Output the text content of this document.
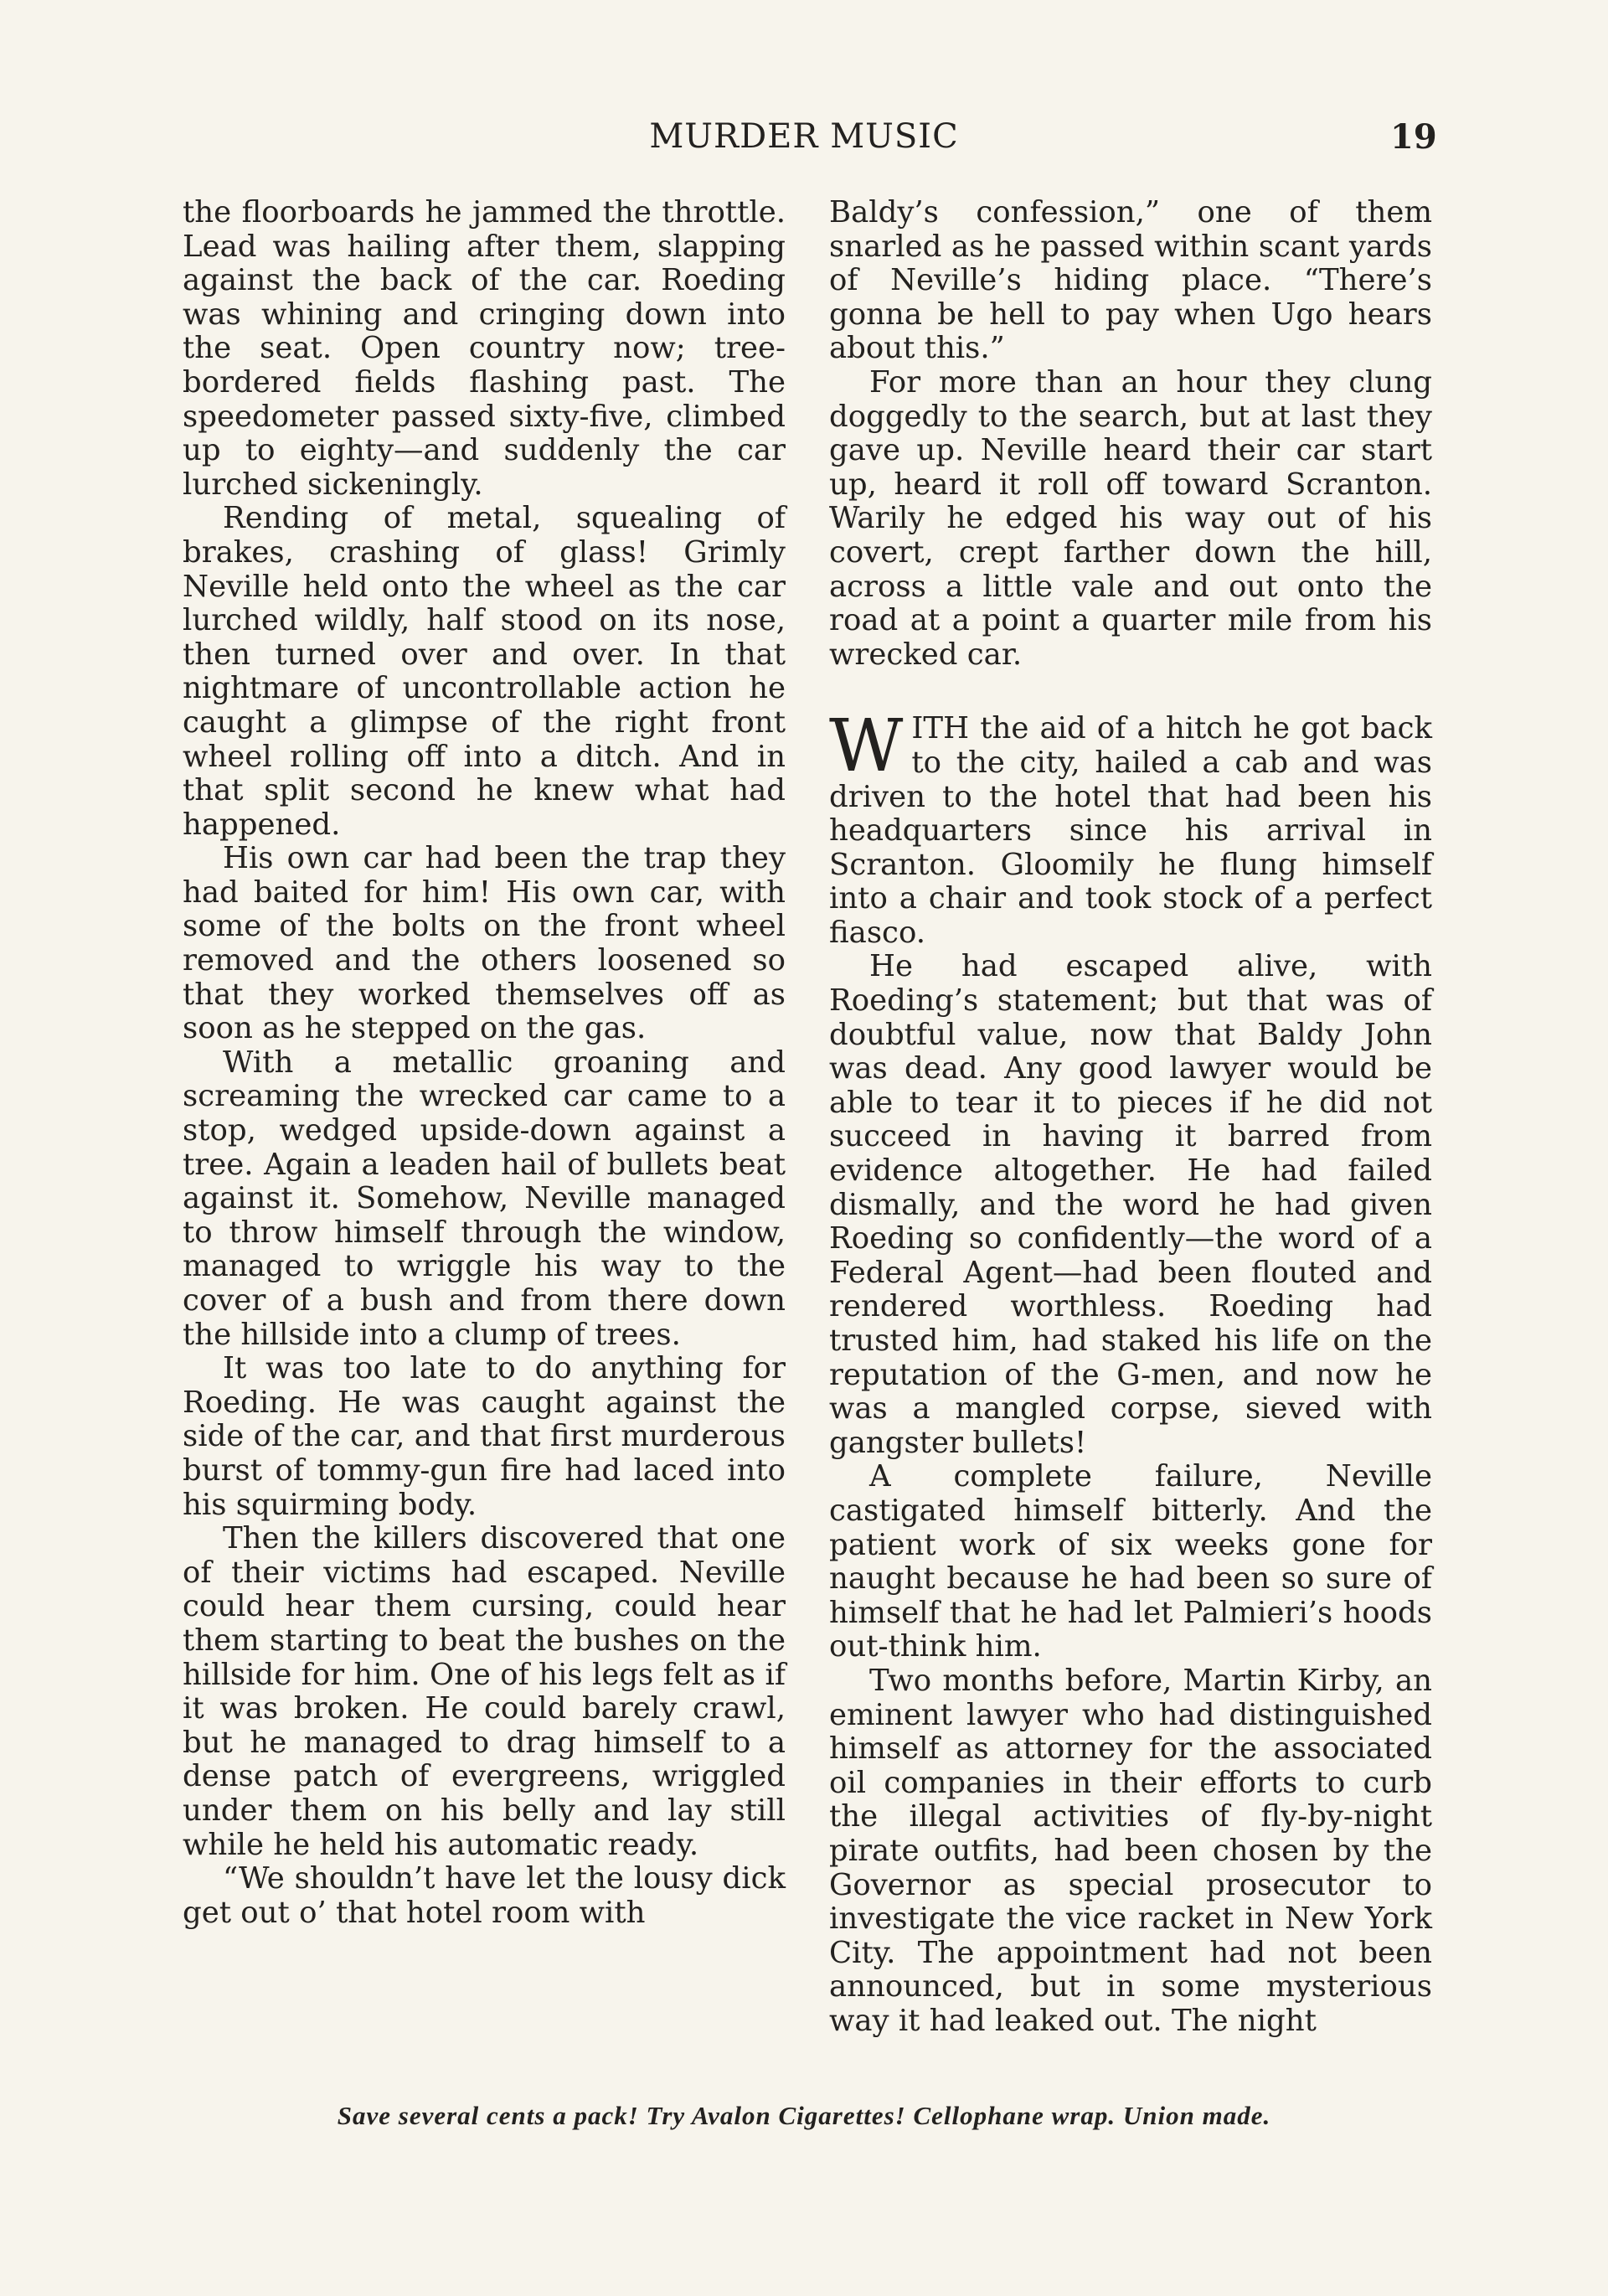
MURDER MUSIC	19

the floorboards he jammed the throttle. Lead was hailing after them, slapping against the back of the car. Roeding was whining and cringing down into the seat. Open country now; tree-bordered fields flashing past. The speedometer passed sixty-five, climbed up to eighty—and suddenly the car lurched sickeningly.

Rending of metal, squealing of brakes, crashing of glass! Grimly Neville held onto the wheel as the car lurched wildly, half stood on its nose, then turned over and over. In that nightmare of uncontrollable action he caught a glimpse of the right front wheel rolling off into a ditch. And in that split second he knew what had happened.

His own car had been the trap they had baited for him! His own car, with some of the bolts on the front wheel removed and the others loosened so that they worked themselves off as soon as he stepped on the gas.

With a metallic groaning and screaming the wrecked car came to a stop, wedged upside-down against a tree. Again a leaden hail of bullets beat against it. Somehow, Neville managed to throw himself through the window, managed to wriggle his way to the cover of a bush and from there down the hillside into a clump of trees.

It was too late to do anything for Roeding. He was caught against the side of the car, and that first murderous burst of tommy-gun fire had laced into his squirming body.

Then the killers discovered that one of their victims had escaped. Neville could hear them cursing, could hear them starting to beat the bushes on the hillside for him. One of his legs felt as if it was broken. He could barely crawl, but he managed to drag himself to a dense patch of evergreens, wriggled under them on his belly and lay still while he held his automatic ready.

“We shouldn’t have let the lousy dick get out o’ that hotel room with

Baldy’s confession,” one of them snarled as he passed within scant yards of Neville’s hiding place. “There’s gonna be hell to pay when Ugo hears about this.”

For more than an hour they clung doggedly to the search, but at last they gave up. Neville heard their car start up, heard it roll off toward Scranton. Warily he edged his way out of his covert, crept farther down the hill, across a little vale and out onto the road at a point a quarter mile from his wrecked car.

WITH the aid of a hitch he got back to the city, hailed a cab and was driven to the hotel that had been his headquarters since his arrival in Scranton. Gloomily he flung himself into a chair and took stock of a perfect fiasco.

He had escaped alive, with Roeding’s statement; but that was of doubtful value, now that Baldy John was dead. Any good lawyer would be able to tear it to pieces if he did not succeed in having it barred from evidence altogether. He had failed dismally, and the word he had given Roeding so confidently—the word of a Federal Agent—had been flouted and rendered worthless. Roeding had trusted him, had staked his life on the reputation of the G-men, and now he was a mangled corpse, sieved with gangster bullets!

A complete failure, Neville castigated himself bitterly. And the patient work of six weeks gone for naught because he had been so sure of himself that he had let Palmieri’s hoods out-think him.

Two months before, Martin Kirby, an eminent lawyer who had distinguished himself as attorney for the associated oil companies in their efforts to curb the illegal activities of fly-by-night pirate outfits, had been chosen by the Governor as special prosecutor to investigate the vice racket in New York City. The appointment had not been announced, but in some mysterious way it had leaked out. The night

Save several cents a pack! Try Avalon Cigarettes! Cellophane wrap. Union made.
